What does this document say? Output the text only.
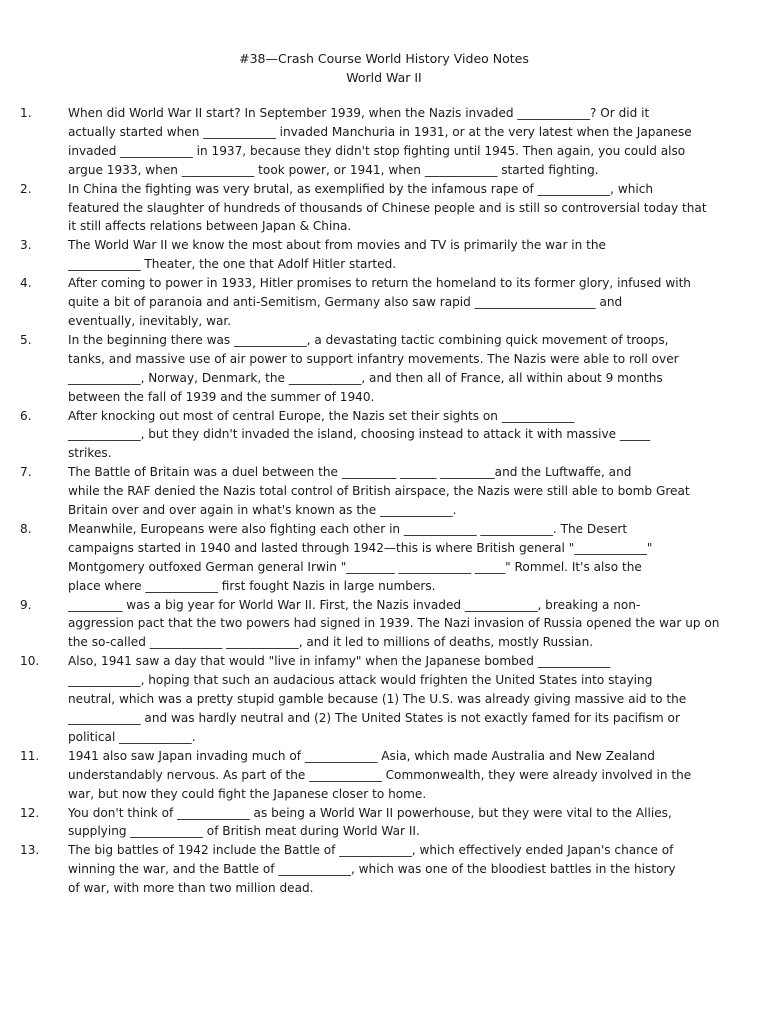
#38—Crash Course World History Video Notes
World War II
1.	When did World War II start? In September 1939, when the Nazis invaded ____________? Or did it
actually started when ____________ invaded Manchuria in 1931, or at the very latest when the Japanese
invaded ____________ in 1937, because they didn't stop fighting until 1945. Then again, you could also
argue 1933, when ____________ took power, or 1941, when ____________ started fighting.
2.	In China the fighting was very brutal, as exemplified by the infamous rape of ____________, which
featured the slaughter of hundreds of thousands of Chinese people and is still so controversial today that
it still affects relations between Japan & China.
3.	The World War II we know the most about from movies and TV is primarily the war in the
____________ Theater, the one that Adolf Hitler started.
4.	After coming to power in 1933, Hitler promises to return the homeland to its former glory, infused with
quite a bit of paranoia and anti-Semitism, Germany also saw rapid ____________________ and
eventually, inevitably, war.
5.	In the beginning there was ____________, a devastating tactic combining quick movement of troops,
tanks, and massive use of air power to support infantry movements. The Nazis were able to roll over
____________, Norway, Denmark, the ____________, and then all of France, all within about 9 months
between the fall of 1939 and the summer of 1940.
6.	After knocking out most of central Europe, the Nazis set their sights on ____________
____________, but they didn't invaded the island, choosing instead to attack it with massive _____
strikes.
7.	The Battle of Britain was a duel between the _________ ______ _________and the Luftwaffe, and
while the RAF denied the Nazis total control of British airspace, the Nazis were still able to bomb Great
Britain over and over again in what's known as the ____________.
8.	Meanwhile, Europeans were also fighting each other in ____________ ____________. The Desert
campaigns started in 1940 and lasted through 1942—this is where British general "____________"
Montgomery outfoxed German general Irwin "________ ____________ _____" Rommel. It's also the
place where ____________ first fought Nazis in large numbers.
9.	_________ was a big year for World War II. First, the Nazis invaded ____________, breaking a non-
aggression pact that the two powers had signed in 1939. The Nazi invasion of Russia opened the war up on
the so-called ____________ ____________, and it led to millions of deaths, mostly Russian.
10.	Also, 1941 saw a day that would "live in infamy" when the Japanese bombed ____________
____________, hoping that such an audacious attack would frighten the United States into staying
neutral, which was a pretty stupid gamble because (1) The U.S. was already giving massive aid to the
____________ and was hardly neutral and (2) The United States is not exactly famed for its pacifism or
political ____________.
11.	1941 also saw Japan invading much of ____________ Asia, which made Australia and New Zealand
understandably nervous. As part of the ____________ Commonwealth, they were already involved in the
war, but now they could fight the Japanese closer to home.
12.	You don't think of ____________ as being a World War II powerhouse, but they were vital to the Allies,
supplying ____________ of British meat during World War II.
13.	The big battles of 1942 include the Battle of ____________, which effectively ended Japan's chance of
winning the war, and the Battle of ____________, which was one of the bloodiest battles in the history
of war, with more than two million dead.
